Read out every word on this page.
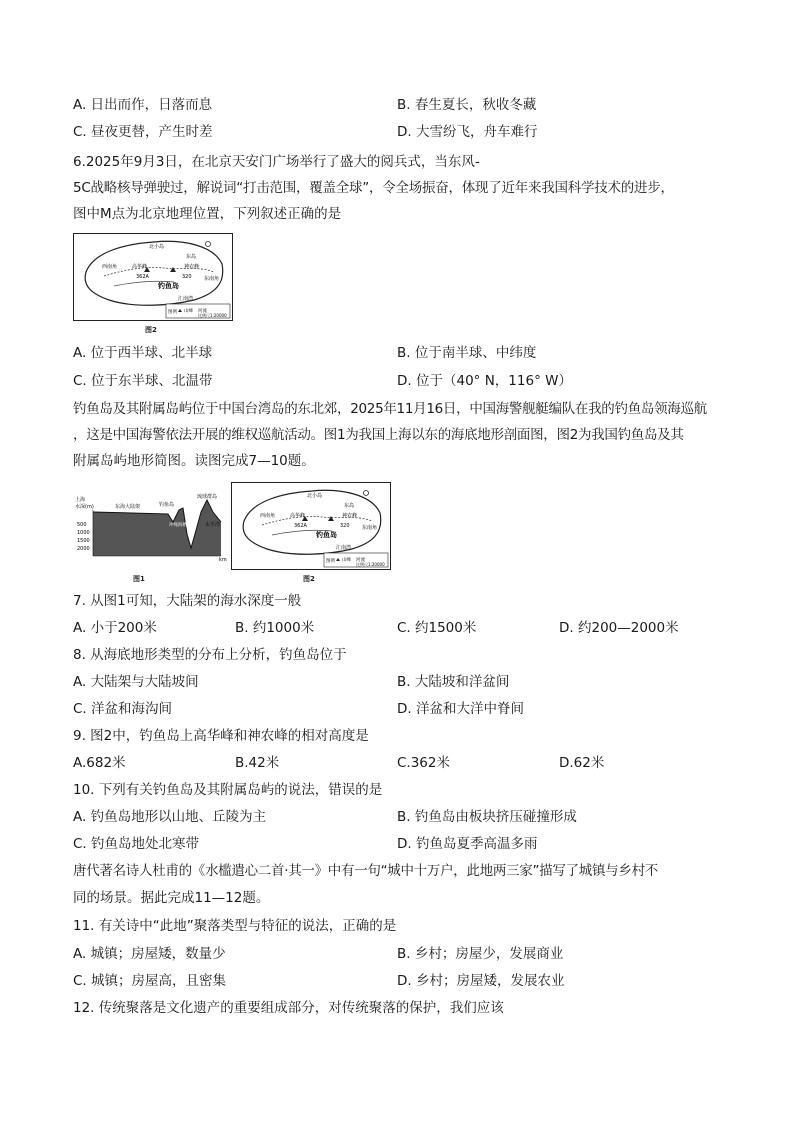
A. 日出而作，日落而息	B. 春生夏长，秋收冬藏
C. 昼夜更替，产生时差	D. 大雪纷飞，舟车难行
6.2025年9月3日，在北京天安门广场举行了盛大的阅兵式，当东风-
5C战略核导弹驶过，解说词“打击范围，覆盖全球”，令全场振奋，体现了近年来我国科学技术的进步，
图中M点为北京地理位置，下列叙述正确的是
北小岛
东岛
高华峰
362A
神农峰
320
西南角
东南角
钓鱼岛
汇南湾
图例 山峰 河流
比例尺1:20000
图2
A. 位于西半球、北半球	B. 位于南半球、中纬度
C. 位于东半球、北温带	D. 位于（40° N，116° W）
钓鱼岛及其附属岛屿位于中国台湾岛的东北郊，2025年11月16日，中国海警舰艇编队在我的钓鱼岛领海巡航
，这是中国海警依法开展的维权巡航活动。图1为我国上海以东的海底地形剖面图，图2为我国钓鱼岛及其
附属岛屿地形简图。读图完成7—10题。
上海
水深(m)	东海大陆架	钓鱼岛
琉球群岛
冲绳海槽	太平洋
500
1000
1500
2000
200	400	600	800	km
图1
北小岛
东岛
高华峰
362A
神农峰
320
西南角
东南角
钓鱼岛
汇南湾
图例 山峰 河流
比例尺1:20000
图2
7. 从图1可知，大陆架的海水深度一般
A. 小于200米	B. 约1000米	C. 约1500米	D. 约200—2000米
8. 从海底地形类型的分布上分析，钓鱼岛位于
A. 大陆架与大陆坡间	B. 大陆坡和洋盆间
C. 洋盆和海沟间	D. 洋盆和大洋中脊间
9. 图2中，钓鱼岛上高华峰和神农峰的相对高度是
A.682米	B.42米	C.362米	D.62米
10. 下列有关钓鱼岛及其附属岛屿的说法，错误的是
A. 钓鱼岛地形以山地、丘陵为主	B. 钓鱼岛由板块挤压碰撞形成
C. 钓鱼岛地处北寒带	D. 钓鱼岛夏季高温多雨
唐代著名诗人杜甫的《水槛遣心二首·其一》中有一句“城中十万户，此地两三家”描写了城镇与乡村不
同的场景。据此完成11—12题。
11. 有关诗中“此地”聚落类型与特征的说法，正确的是
A. 城镇；房屋矮，数量少	B. 乡村；房屋少，发展商业
C. 城镇；房屋高，且密集	D. 乡村；房屋矮，发展农业
12. 传统聚落是文化遗产的重要组成部分，对传统聚落的保护，我们应该
